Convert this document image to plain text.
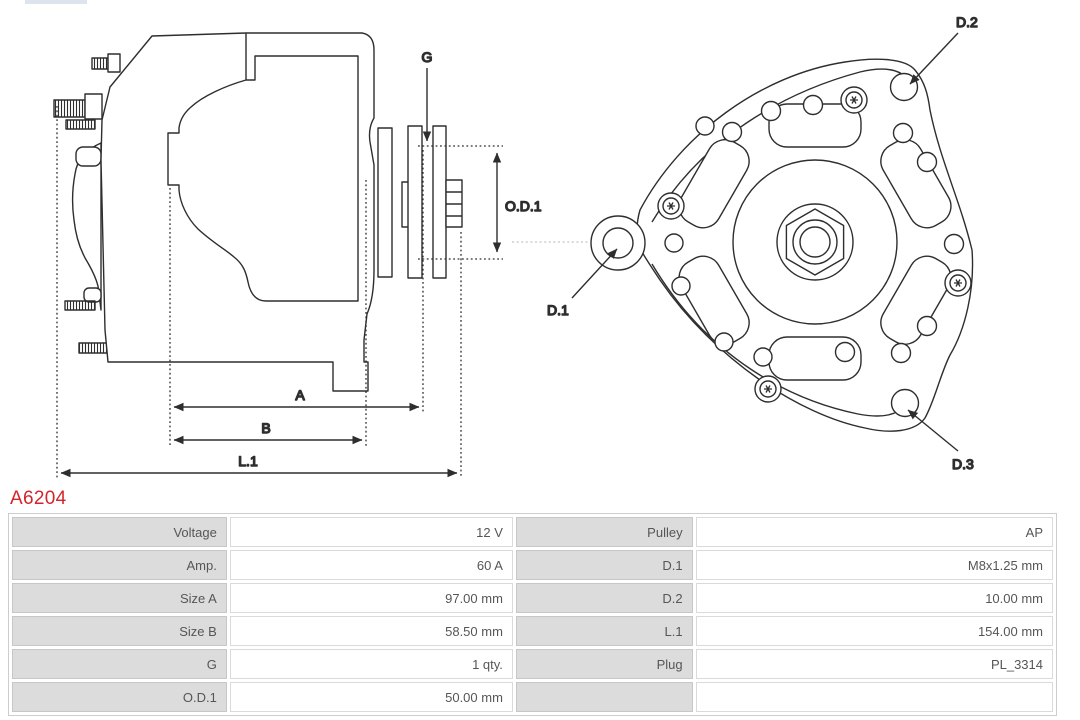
G
O.D.1
A
B
L.1
D.2
D.1
D.3
A6204
Voltage	12 V	Pulley	AP
Amp.	60 A	D.1	M8x1.25 mm
Size A	97.00 mm	D.2	10.00 mm
Size B	58.50 mm	L.1	154.00 mm
G	1 qty.	Plug	PL_3314
O.D.1	50.00 mm		
